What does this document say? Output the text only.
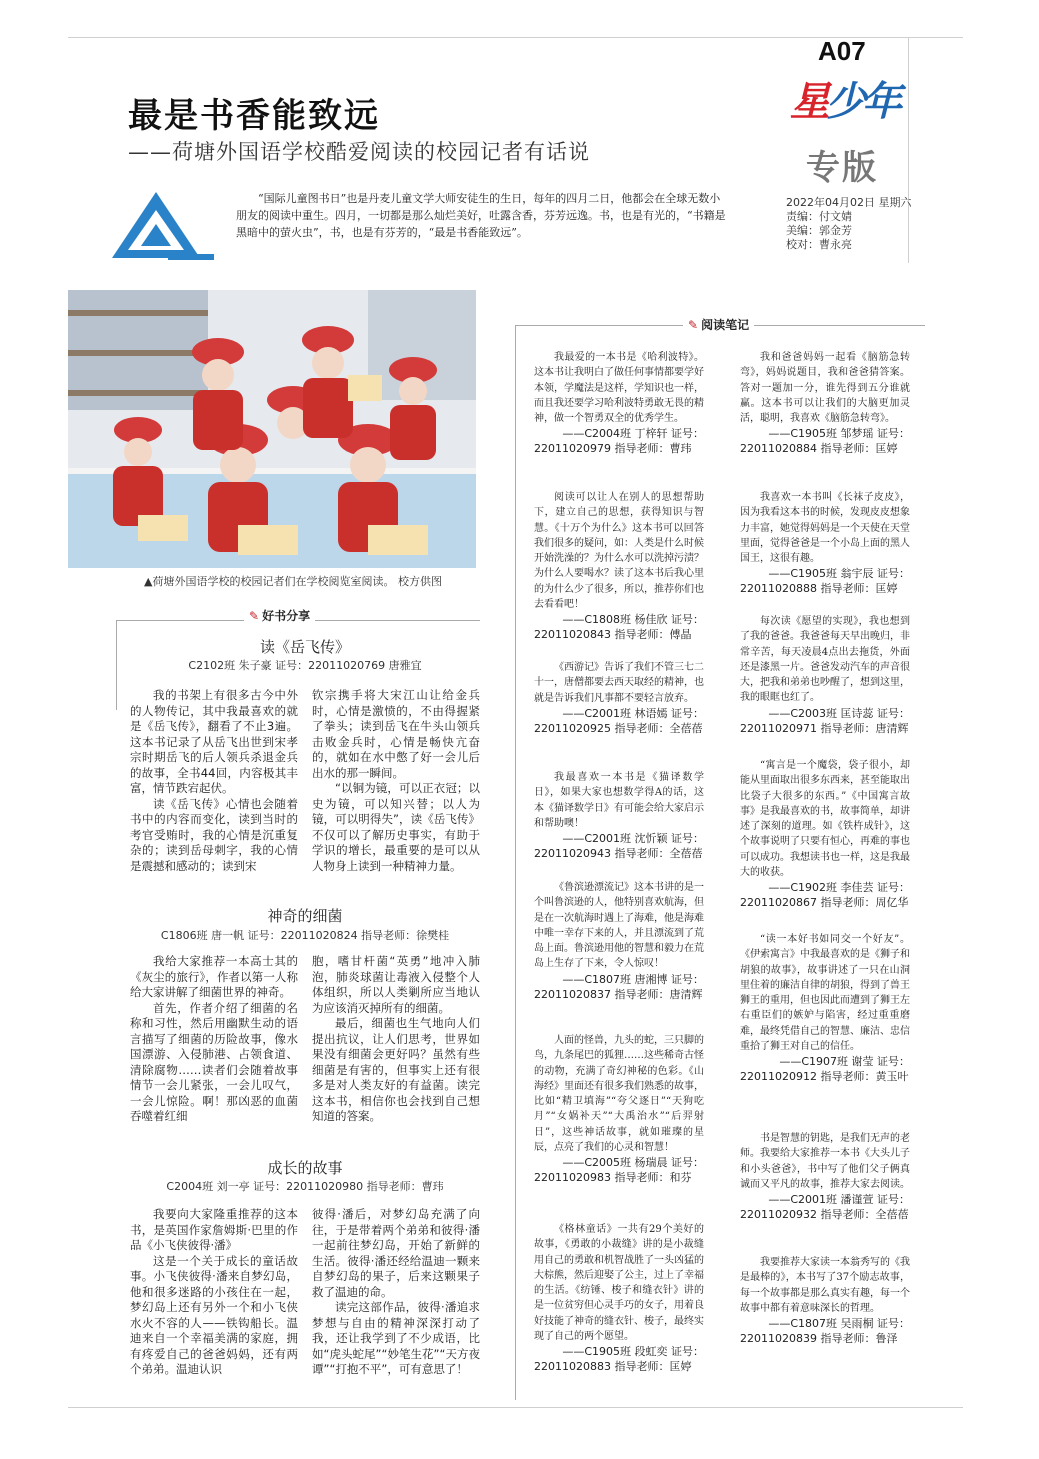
A07
星少年
专版
2022年04月02日 星期六
责编：付文婧
美编：郭金芳
校对：曹永亮
最是书香能致远
——荷塘外国语学校酷爱阅读的校园记者有话说
“国际儿童图书日”也是丹麦儿童文学大师安徒生的生日，每年的四月二日，他都会在全球无数小朋友的阅读中重生。四月，一切都是那么灿烂美好，吐露含香，芬芳远逸。书，也是有光的，“书籍是黑暗中的萤火虫”，书，也是有芬芳的，“最是书香能致远”。
▲荷塘外国语学校的校园记者们在学校阅览室阅读。 校方供图
✎ 好书分享
读《岳飞传》
C2102班 朱子豪 证号：22011020769 唐雅宜

我的书架上有很多古今中外的人物传记，其中我最喜欢的就是《岳飞传》，翻看了不止3遍。这本书记录了从岳飞出世到宋孝宗时期岳飞的后人领兵杀退金兵的故事，全书44回，内容极其丰富，情节跌宕起伏。

读《岳飞传》心情也会随着书中的内容而变化，读到当时的考官受贿时，我的心情是沉重复杂的；读到岳母刺字，我的心情是震撼和感动的；读到宋

钦宗携手将大宋江山让给金兵时，心情是激愤的，不由得握紧了拳头；读到岳飞在牛头山领兵击败金兵时，心情是畅快亢奋的，就如在水中憋了好一会儿后出水的那一瞬间。

“以铜为镜，可以正衣冠；以史为镜，可以知兴替；以人为镜，可以明得失”，读《岳飞传》不仅可以了解历史事实，有助于学识的增长，最重要的是可以从人物身上读到一种精神力量。

神奇的细菌
C1806班 唐一帆 证号：22011020824 指导老师：徐樊桂

我给大家推荐一本高士其的《灰尘的旅行》，作者以第一人称给大家讲解了细菌世界的神奇。

首先，作者介绍了细菌的名称和习性，然后用幽默生动的语言描写了细菌的历险故事，像水国漂游、入侵肺港、占领食道、清除腐物……读者们会随着故事情节一会儿紧张，一会儿叹气，一会儿惊险。啊！那凶恶的血菌吞噬着红细

胞，嗜甘杆菌“英勇”地冲入肺泡，肺炎球菌让毒液入侵整个人体组织，所以人类剿所应当地认为应该消灭掉所有的细菌。

最后，细菌也生气地向人们提出抗议，让人们思考，世界如果没有细菌会更好吗？虽然有些细菌是有害的，但事实上还有很多是对人类友好的有益菌。读完这本书，相信你也会找到自己想知道的答案。

成长的故事
C2004班 刘一亭 证号：22011020980 指导老师：曹玮

我要向大家隆重推荐的这本书，是英国作家詹姆斯·巴里的作品《小飞侠彼得·潘》

这是一个关于成长的童话故事。小飞侠彼得·潘来自梦幻岛，他和很多迷路的小孩住在一起，梦幻岛上还有另外一个和小飞侠水火不容的人——铁钩船长。温迪来自一个幸福美满的家庭，拥有疼爱自己的爸爸妈妈，还有两个弟弟。温迪认识

彼得·潘后，对梦幻岛充满了向往，于是带着两个弟弟和彼得·潘一起前往梦幻岛，开始了新鲜的生活。彼得·潘还经给温迪一颗来自梦幻岛的果子，后来这颗果子救了温迪的命。

读完这部作品，彼得·潘追求梦想与自由的精神深深打动了我，还让我学到了不少成语，比如“虎头蛇尾”“妙笔生花”“天方夜谭”“打抱不平”，可有意思了！

✎ 阅读笔记

我最爱的一本书是《哈利波特》。这本书让我明白了做任何事情都要学好本领，学魔法是这样，学知识也一样，而且我还要学习哈利波特勇敢无畏的精神，做一个智勇双全的优秀学生。

——C2004班 丁梓轩 证号：
22011020979 指导老师：曹玮

阅读可以让人在别人的思想帮助下，建立自己的思想，获得知识与智慧。《十万个为什么》这本书可以回答我们很多的疑问，如：人类是什么时候开始洗澡的？为什么水可以洗掉污渍？为什么人要喝水？读了这本书后我心里的为什么少了很多，所以，推荐你们也去看看吧！

——C1808班 杨佳欣 证号：
22011020843 指导老师：傅晶

《西游记》告诉了我们不管三七二十一，唐僧都要去西天取经的精神，也就是告诉我们凡事都不要轻言放弃。

——C2001班 林语嫣 证号：
22011020925 指导老师：全蓓蓓

我最喜欢一本书是《猫译数学日》，如果大家也想数学得A的话，这本《猫译数学日》有可能会给大家启示和帮助噢！

——C2001班 沈忻颖 证号：
22011020943 指导老师：全蓓蓓

《鲁滨逊漂流记》这本书讲的是一个叫鲁滨逊的人，他特别喜欢航海，但是在一次航海时遇上了海难，他是海难中唯一幸存下来的人，并且漂流到了荒岛上面。鲁滨逊用他的智慧和毅力在荒岛上生存了下来，令人惊叹！

——C1807班 唐湘博 证号：
22011020837 指导老师：唐清辉

人面的怪兽，九头的蛇，三只脚的鸟，九条尾巴的狐狸……这些稀奇古怪的动物，充满了奇幻神秘的色彩。《山海经》里面还有很多我们熟悉的故事，比如“精卫填海”“夸父逐日”“天狗吃月”“女娲补天”“大禹治水”“后羿射日”，这些神话故事，就如璀璨的星辰，点亮了我们的心灵和智慧！

——C2005班 杨瑞晨 证号：
22011020983 指导老师：和芬

《格林童话》一共有29个美好的故事，《勇敢的小裁缝》讲的是小裁缝用自己的勇敢和机智战胜了一头凶猛的大棕熊，然后迎娶了公主，过上了幸福的生活。《纺锤、梭子和缝衣针》讲的是一位贫穷但心灵手巧的女子，用着良好技能了神奇的缝衣针、梭子，最终实现了自己的两个愿望。

——C1905班 段虹奕 证号：
22011020883 指导老师：匡婷

我和爸爸妈妈一起看《脑筋急转弯》，妈妈说题目，我和爸爸猜答案。答对一题加一分，谁先得到五分谁就赢。这本书可以让我们的大脑更加灵活，聪明，我喜欢《脑筋急转弯》。

——C1905班 邹梦瑶 证号：
22011020884 指导老师：匡婷

我喜欢一本书叫《长袜子皮皮》，因为我看这本书的时候，发现皮皮想象力丰富，她觉得妈妈是一个天使在天堂里面，觉得爸爸是一个小岛上面的黑人国王，这很有趣。

——C1905班 翁宇辰 证号：
22011020888 指导老师：匡婷

每次读《愿望的实现》，我也想到了我的爸爸。我爸爸每天早出晚归，非常辛苦，每天凌晨4点出去拖货，外面还是漆黑一片。爸爸发动汽车的声音很大，把我和弟弟也吵醒了，想到这里，我的眼眶也红了。

——C2003班 匡诗蕊 证号：
22011020971 指导老师：唐清辉

“寓言是一个魔袋，袋子很小，却能从里面取出很多东西来，甚至能取出比袋子大很多的东西。”《中国寓言故事》是我最喜欢的书，故事简单，却讲述了深刻的道理。如《铁杵成针》，这个故事说明了只要有恒心，再难的事也可以成功。我想读书也一样，这是我最大的收获。

——C1902班 李佳芸 证号：
22011020867 指导老师：周亿华

“读一本好书如同交一个好友”。《伊索寓言》中我最喜欢的是《狮子和胡狼的故事》，故事讲述了一只在山洞里住着的廉洁自律的胡狼，得到了兽王狮王的重用，但也因此而遭到了狮王左右重臣们的嫉妒与陷害，经过重重磨难，最终凭借自己的智慧、廉洁、忠信重拾了狮王对自己的信任。

——C1907班 谢莹 证号：
22011020912 指导老师：黄玉叶

书是智慧的钥匙，是我们无声的老师。我要给大家推荐一本书《大头儿子和小头爸爸》，书中写了他们父子俩真诚而又平凡的故事，推荐大家去阅读。

——C2001班 潘谨萱 证号：
22011020932 指导老师：全蓓蓓

我要推荐大家读一本翁秀写的《我是最棒的》，本书写了37个励志故事，每一个故事都是那么真实有趣，每一个故事中都有着意味深长的哲理。

——C1807班 吴雨桐 证号：
22011020839 指导老师：鲁泽
